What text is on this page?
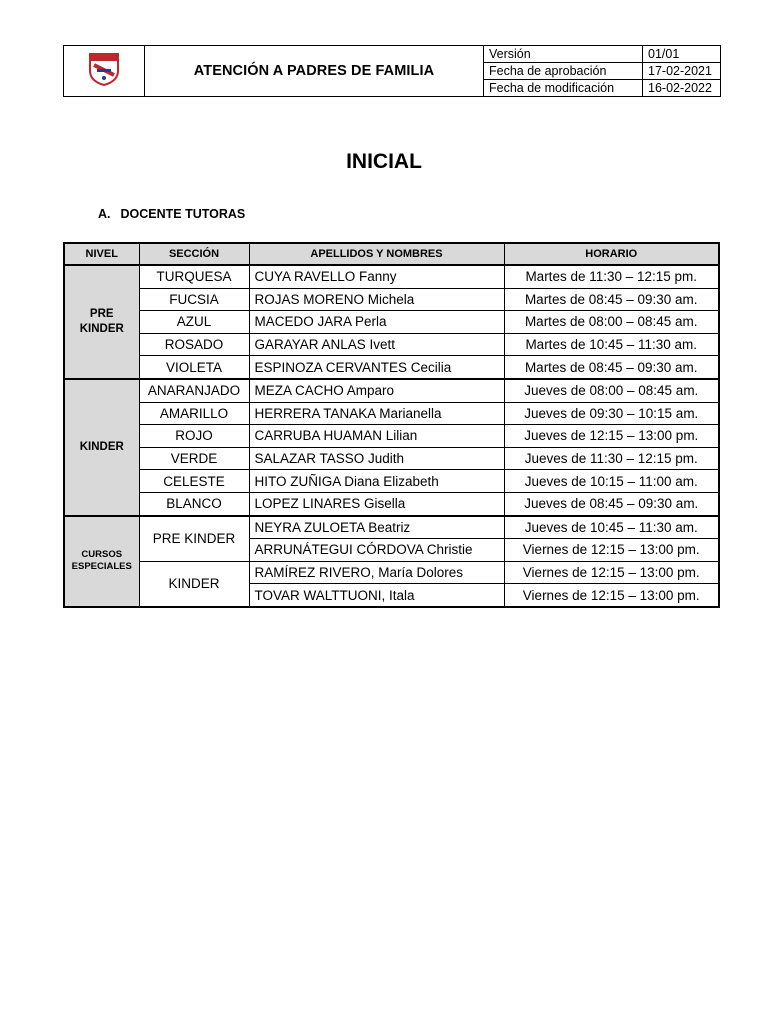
	ATENCIÓN A PADRES DE FAMILIA	Versión	01/01
		Fecha de aprobación	17-02-2021
		Fecha de modificación	16-02-2022
INICIAL
A. DOCENTE TUTORAS
NIVEL	SECCIÓN	APELLIDOS Y NOMBRES	HORARIO

PRE
KINDER	TURQUESA	CUYA RAVELLO Fanny	Martes de 11:30 – 12:15 pm.
	FUCSIA	ROJAS MORENO Michela	Martes de 08:45 – 09:30 am.
	AZUL	MACEDO JARA Perla	Martes de 08:00 – 08:45 am.
	ROSADO	GARAYAR ANLAS Ivett	Martes de 10:45 – 11:30 am.
	VIOLETA	ESPINOZA CERVANTES Cecilia	Martes de 08:45 – 09:30 am.

KINDER	ANARANJADO	MEZA CACHO Amparo	Jueves de 08:00 – 08:45 am.
	AMARILLO	HERRERA TANAKA Marianella	Jueves de 09:30 – 10:15 am.
	ROJO	CARRUBA HUAMAN Lilian	Jueves de 12:15 – 13:00 pm.
	VERDE	SALAZAR TASSO Judith	Jueves de 11:30 – 12:15 pm.
	CELESTE	HITO ZUÑIGA Diana Elizabeth	Jueves de 10:15 – 11:00 am.
	BLANCO	LOPEZ LINARES Gisella	Jueves de 08:45 – 09:30 am.

CURSOS
ESPECIALES	PRE KINDER	NEYRA ZULOETA Beatriz	Jueves de 10:45 – 11:30 am.
		ARRUNÁTEGUI CÓRDOVA Christie	Viernes de 12:15 – 13:00 pm.
	KINDER	RAMÍREZ RIVERO, María Dolores	Viernes de 12:15 – 13:00 pm.
		TOVAR WALTTUONI, Itala	Viernes de 12:15 – 13:00 pm.
